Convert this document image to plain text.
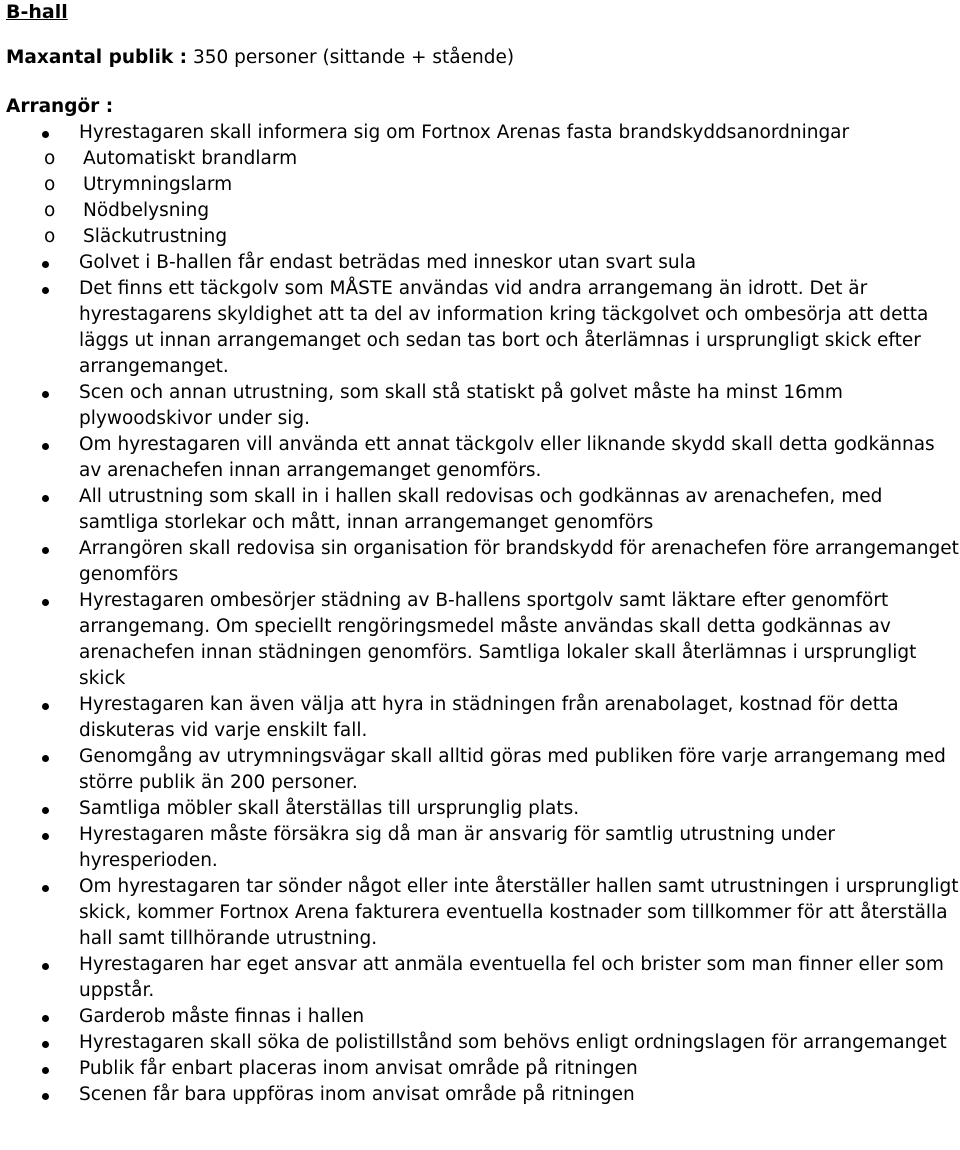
B-hall
Maxantal publik : 350 personer (sittande + stående)
Arrangör :
Hyrestagaren skall informera sig om Fortnox Arenas fasta brandskyddsanordningar
o Automatiskt brandlarm
o Utrymningslarm
o Nödbelysning
o Släckutrustning
Golvet i B-hallen får endast beträdas med inneskor utan svart sula
Det finns ett täckgolv som MÅSTE användas vid andra arrangemang än idrott. Det är hyrestagarens skyldighet att ta del av information kring täckgolvet och ombesörja att detta läggs ut innan arrangemanget och sedan tas bort och återlämnas i ursprungligt skick efter arrangemanget.
Scen och annan utrustning, som skall stå statiskt på golvet måste ha minst 16mm plywoodskivor under sig.
Om hyrestagaren vill använda ett annat täckgolv eller liknande skydd skall detta godkännas av arenachefen innan arrangemanget genomförs.
All utrustning som skall in i hallen skall redovisas och godkännas av arenachefen, med samtliga storlekar och mått, innan arrangemanget genomförs
Arrangören skall redovisa sin organisation för brandskydd för arenachefen före arrangemanget genomförs
Hyrestagaren ombesörjer städning av B-hallens sportgolv samt läktare efter genomfört arrangemang. Om speciellt rengöringsmedel måste användas skall detta godkännas av arenachefen innan städningen genomförs. Samtliga lokaler skall återlämnas i ursprungligt skick
Hyrestagaren kan även välja att hyra in städningen från arenabolaget, kostnad för detta diskuteras vid varje enskilt fall.
Genomgång av utrymningsvägar skall alltid göras med publiken före varje arrangemang med större publik än 200 personer.
Samtliga möbler skall återställas till ursprunglig plats.
Hyrestagaren måste försäkra sig då man är ansvarig för samtlig utrustning under hyresperioden.
Om hyrestagaren tar sönder något eller inte återställer hallen samt utrustningen i ursprungligt skick, kommer Fortnox Arena fakturera eventuella kostnader som tillkommer för att återställa hall samt tillhörande utrustning.
Hyrestagaren har eget ansvar att anmäla eventuella fel och brister som man finner eller som uppstår.
Garderob måste finnas i hallen
Hyrestagaren skall söka de polistillstånd som behövs enligt ordningslagen för arrangemanget
Publik får enbart placeras inom anvisat område på ritningen
Scenen får bara uppföras inom anvisat område på ritningen
